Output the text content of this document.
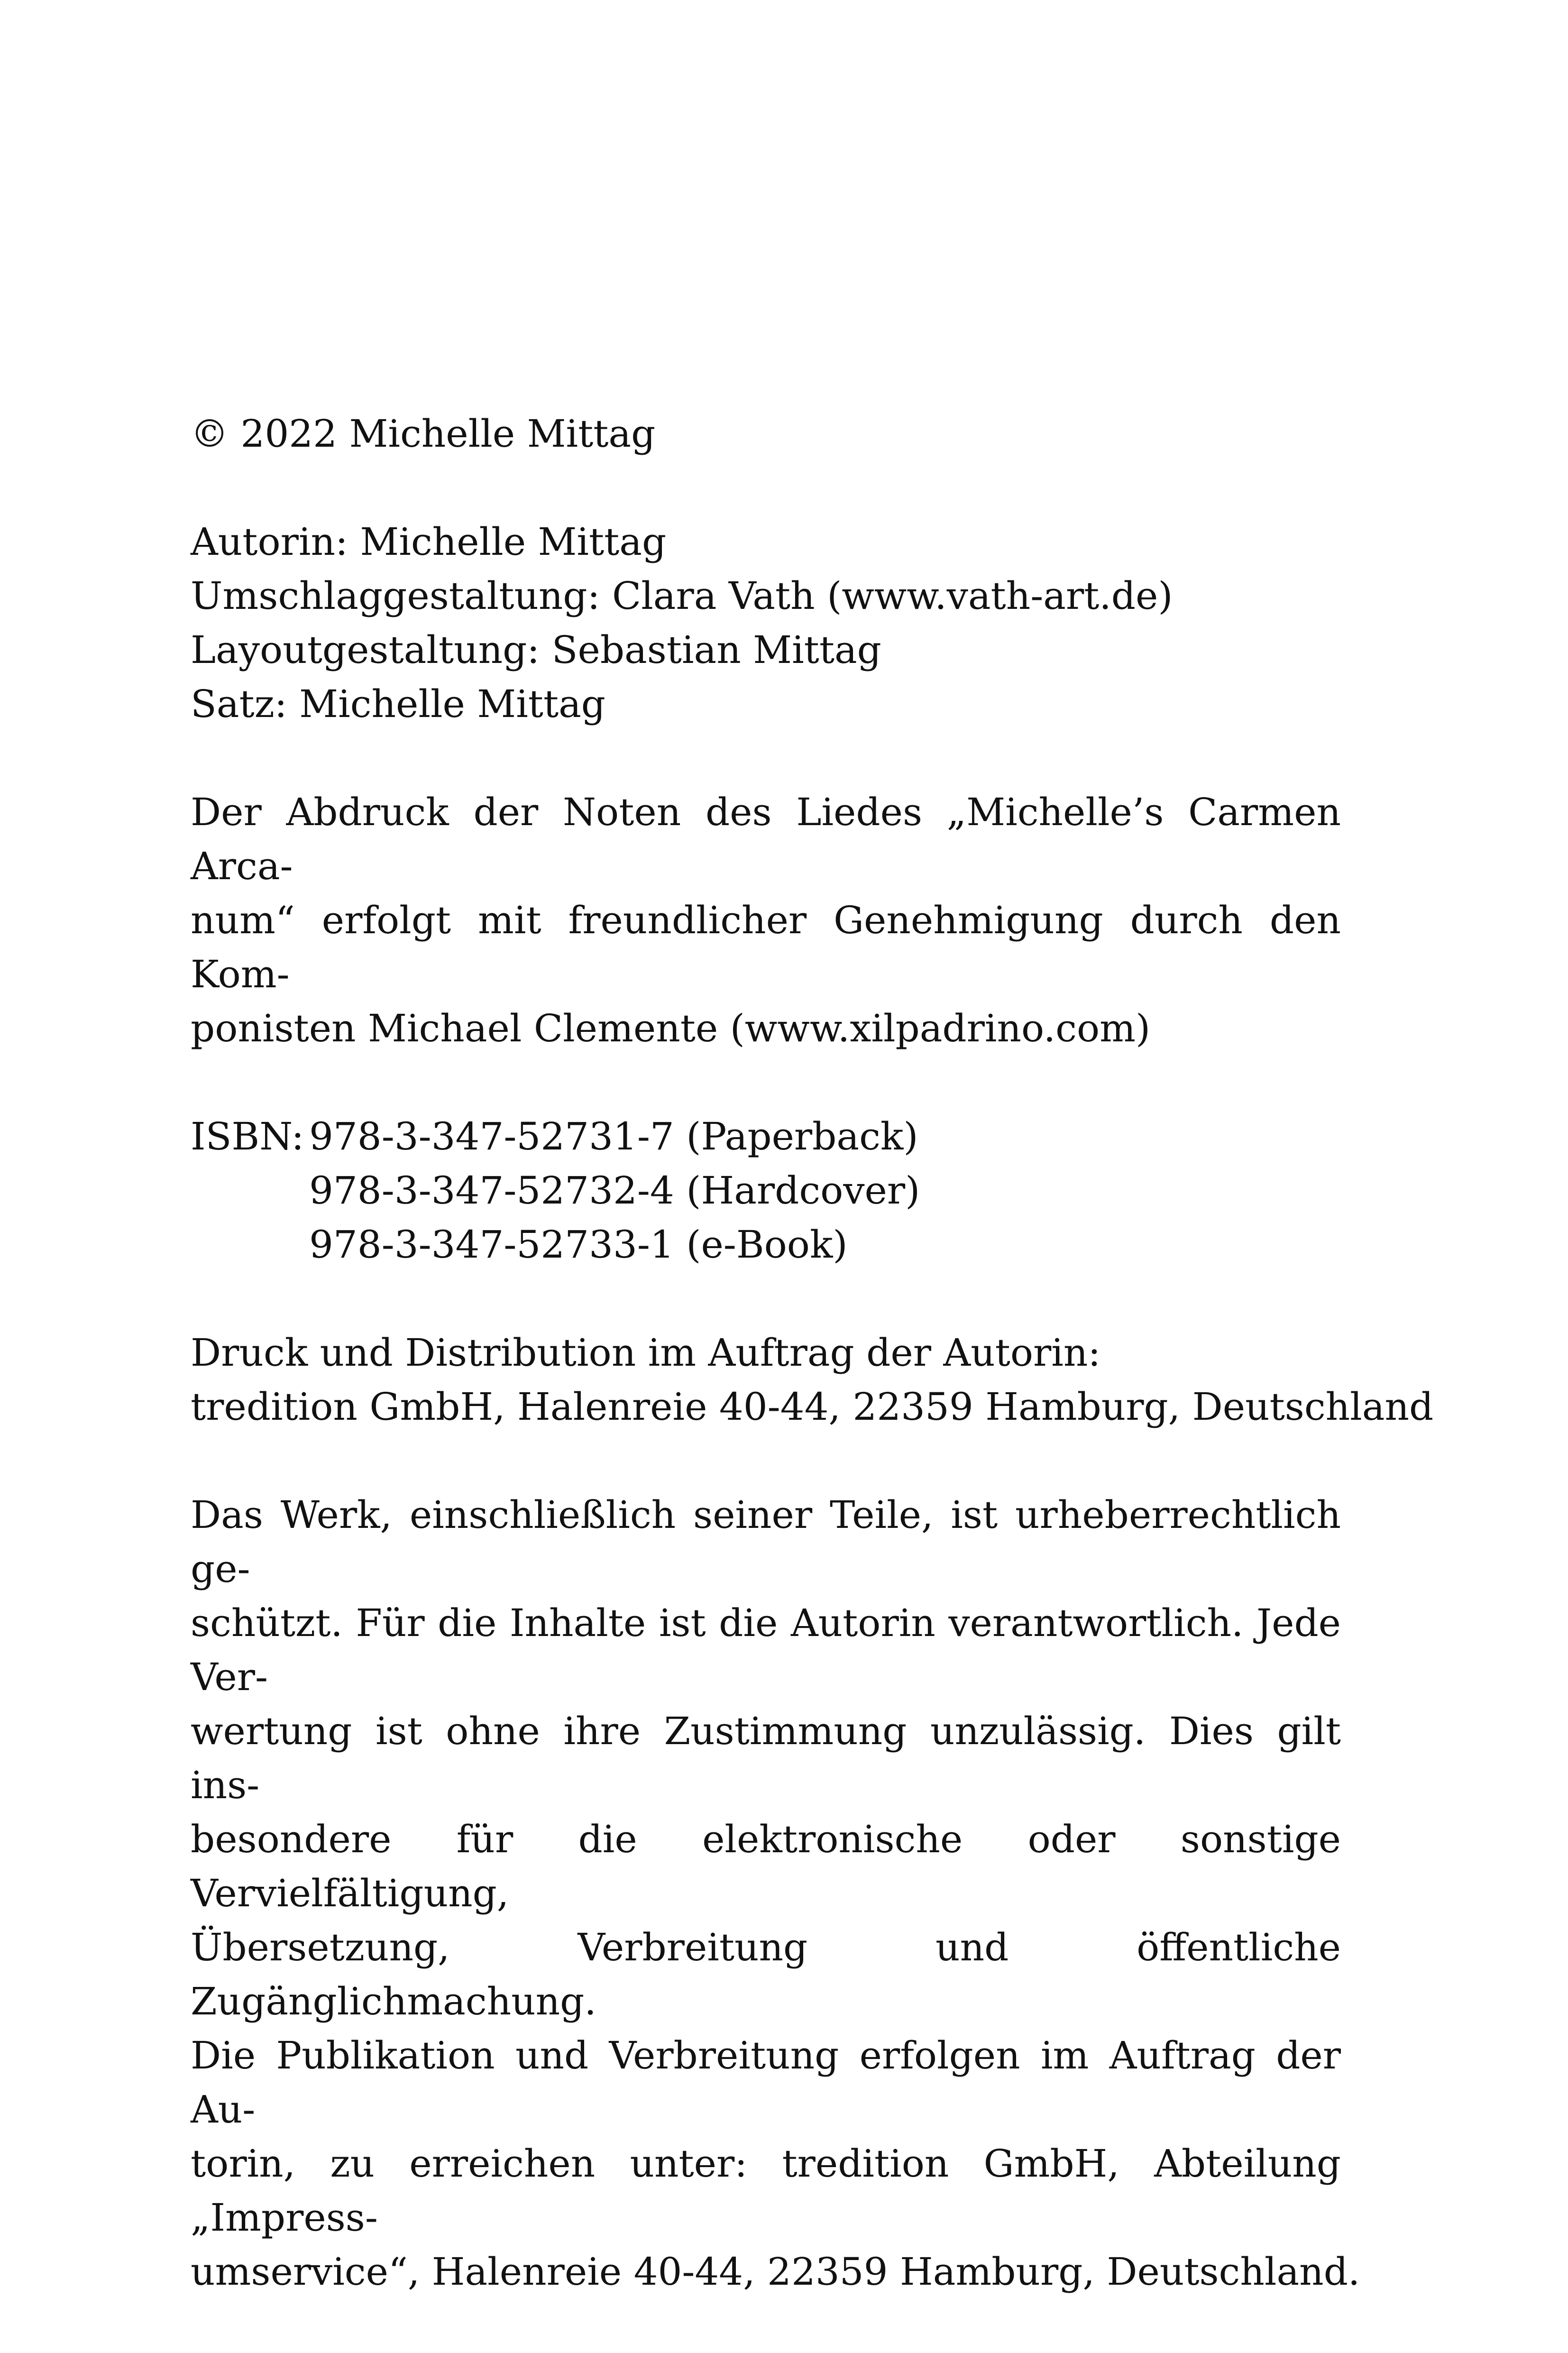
© 2022 Michelle Mittag
Autorin: Michelle Mittag
Umschlaggestaltung: Clara Vath (www.vath-art.de)
Layoutgestaltung: Sebastian Mittag
Satz: Michelle Mittag
Der Abdruck der Noten des Liedes „Michelle’s Carmen Arca-
num“ erfolgt mit freundlicher Genehmigung durch den Kom-
ponisten Michael Clemente (www.xilpadrino.com)
ISBN: 978-3-347-52731-7 (Paperback)
978-3-347-52732-4 (Hardcover)
978-3-347-52733-1 (e-Book)
Druck und Distribution im Auftrag der Autorin:
tredition GmbH, Halenreie 40-44, 22359 Hamburg, Deutschland
Das Werk, einschließlich seiner Teile, ist urheberrechtlich ge-
schützt. Für die Inhalte ist die Autorin verantwortlich. Jede Ver-
wertung ist ohne ihre Zustimmung unzulässig. Dies gilt ins-
besondere für die elektronische oder sonstige Vervielfältigung,
Übersetzung, Verbreitung und öffentliche Zugänglichmachung.
Die Publikation und Verbreitung erfolgen im Auftrag der Au-
torin, zu erreichen unter: tredition GmbH, Abteilung „Impress-
umservice“, Halenreie 40-44, 22359 Hamburg, Deutschland.
